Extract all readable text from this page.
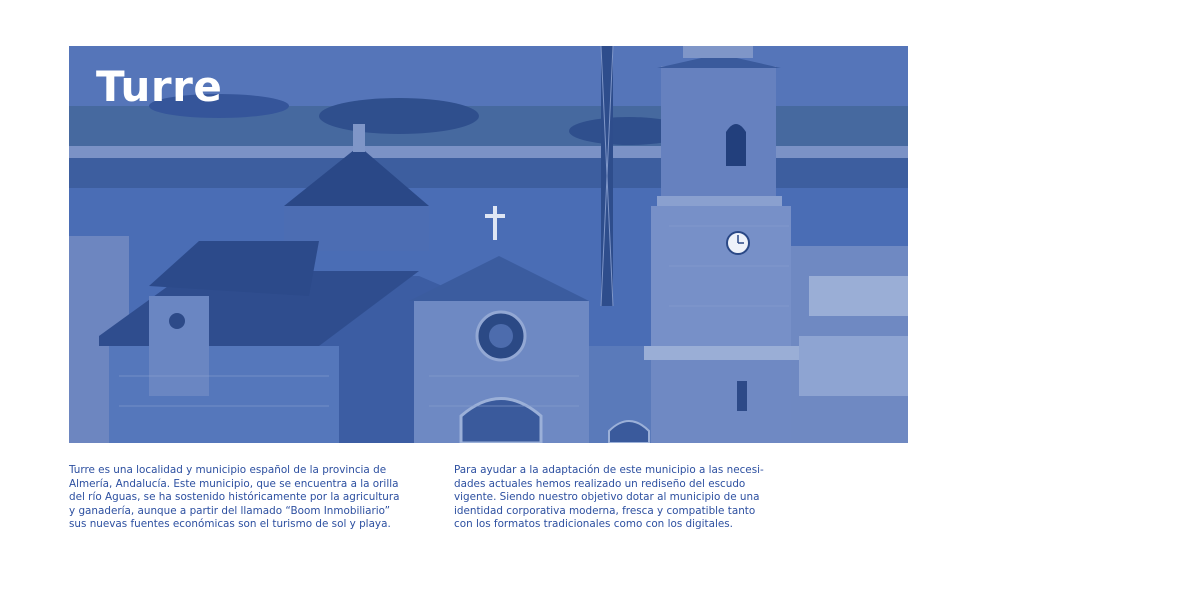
Turre
Turre es una localidad y municipio español de la provincia de
Almería, Andalucía. Este municipio, que se encuentra a la orilla
del río Aguas, se ha sostenido históricamente por la agricultura
y ganadería, aunque a partir del llamado “Boom Inmobiliario”
sus nuevas fuentes económicas son el turismo de sol y playa.
Para ayudar a la adaptación de este municipio a las necesi-
dades actuales hemos realizado un rediseño del escudo
vigente. Siendo nuestro objetivo dotar al municipio de una
identidad corporativa moderna, fresca y compatible tanto
con los formatos tradicionales como con los digitales.
